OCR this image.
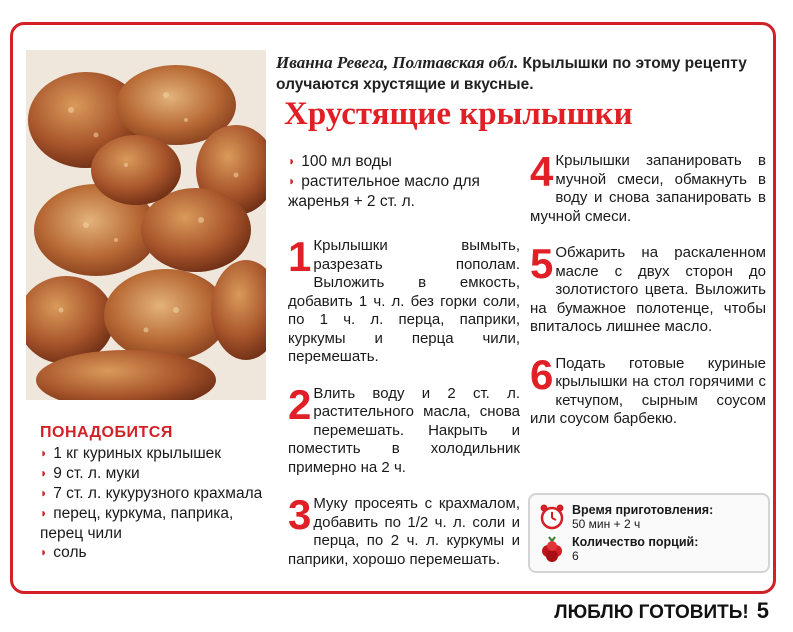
ПОНАДОБИТСЯ
◗ 1 кг куриных крылышек
◗ 9 ст. л. муки
◗ 7 ст. л. кукурузного крахмала
◗ перец, куркума, паприка, перец чили
◗ соль
Иванна Ревега, Полтавская обл. Крылышки по этому рецепту олучаются хрустящие и вкусные.
Хрустящие крылышки
◗ 100 мл воды
◗ растительное масло для жаренья + 2 ст. л.
1 Крылышки вымыть, разрезать пополам. Выложить в емкость, добавить 1 ч. л. без горки соли, по 1 ч. л. перца, паприки, куркумы и перца чили, перемешать.
2 Влить воду и 2 ст. л. растительного масла, снова перемешать. Накрыть и поместить в холодильник примерно на 2 ч.
3 Муку просеять с крахмалом, добавить по 1/2 ч. л. соли и перца, по 2 ч. л. куркумы и паприки, хорошо перемешать.
4 Крылышки запанировать в мучной смеси, обмакнуть в воду и снова запанировать в мучной смеси.
5 Обжарить на раскаленном масле с двух сторон до золотистого цвета. Выложить на бумажное полотенце, чтобы впиталось лишнее масло.
6 Подать готовые куриные крылышки на стол горячими с кетчупом, сырным соусом или соусом барбекю.
Время приготовления:
50 мин + 2 ч
Количество порций:
6
ЛЮБЛЮ ГОТОВИТЬ! 5
